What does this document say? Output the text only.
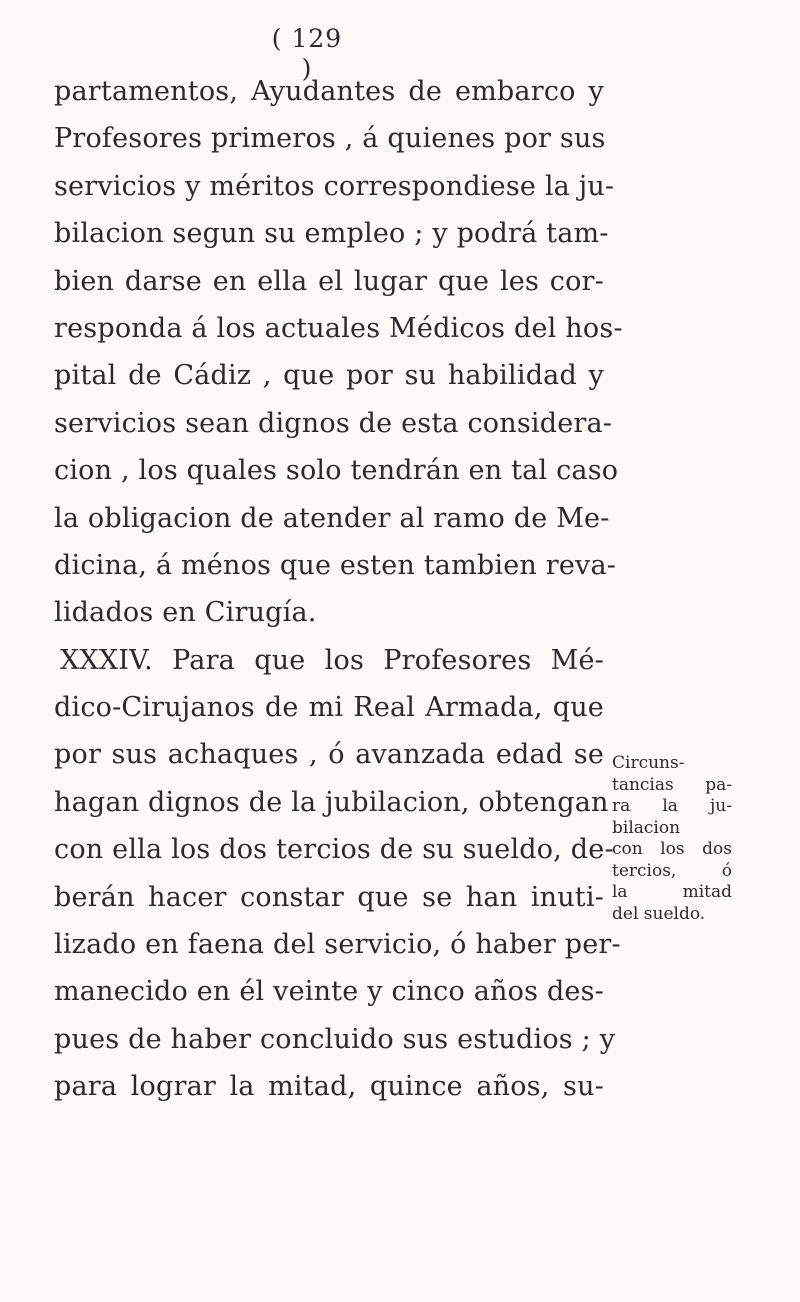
( 129 )
partamentos, Ayudantes de embarco y
Profesores primeros , á quienes por sus
servicios y méritos correspondiese la ju-
bilacion segun su empleo ; y podrá tam-
bien darse en ella el lugar que les cor-
responda á los actuales Médicos del hos-
pital de Cádiz , que por su habilidad y
servicios sean dignos de esta considera-
cion , los quales solo tendrán en tal caso
la obligacion de atender al ramo de Me-
dicina, á ménos que esten tambien reva-
lidados en Cirugía.
XXXIV. Para que los Profesores Mé-
dico-Cirujanos de mi Real Armada, que
por sus achaques , ó avanzada edad se
hagan dignos de la jubilacion, obtengan
con ella los dos tercios de su sueldo, de-
berán hacer constar que se han inuti-
lizado en faena del servicio, ó haber per-
manecido en él veinte y cinco años des-
pues de haber concluido sus estudios ; y
para lograr la mitad, quince años, su-
Circuns-
tancias pa-
ra la ju-
bilacion
con los dos
tercios, ó
la mitad
del sueldo.
